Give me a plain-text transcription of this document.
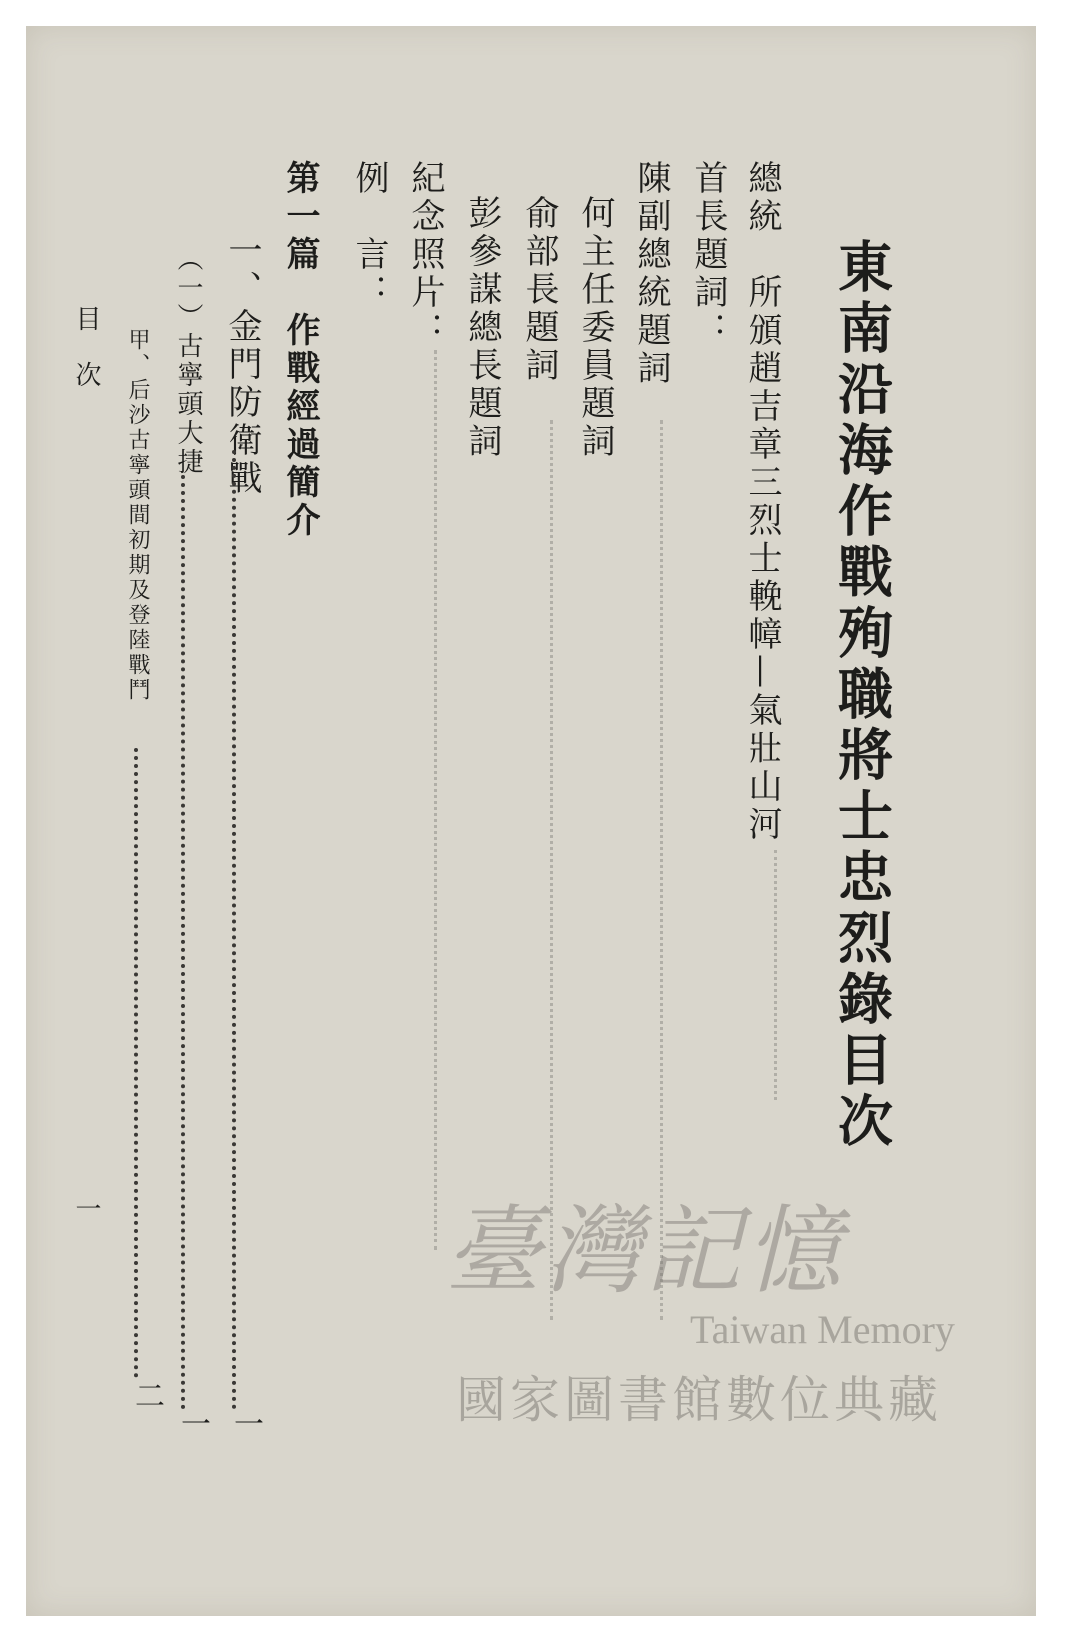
東南沿海作戰殉職將士忠烈錄目次
總統　所頒趙吉章三烈士輓幛—氣壯山河
首長題詞：
陳副總統題詞
何主任委員題詞
俞部長題詞
彭參謀總長題詞
紀念照片：
例　言：
第一篇　作戰經過簡介
一、金門防衛戰
一
（一）古寧頭大捷
一
甲、后沙古寧頭間初期及登陸戰鬥
二
目　次
一	臺灣記憶
Taiwan Memory
國家圖書館數位典藏
